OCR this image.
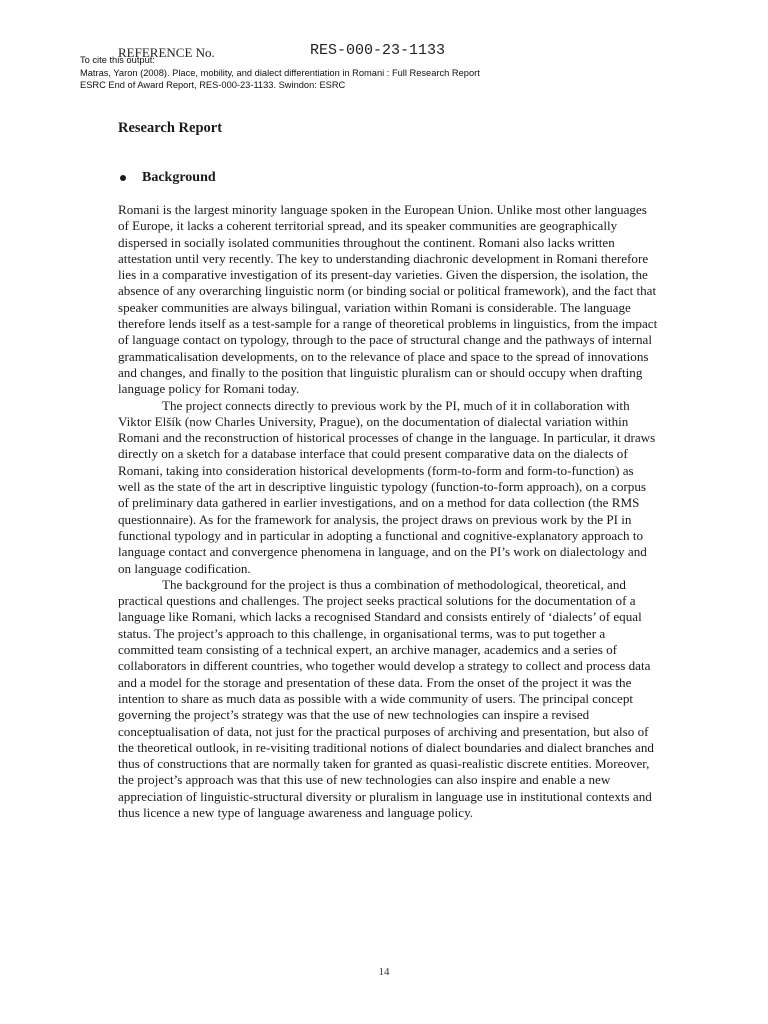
REFERENCE No.	RES-000-23-1133
To cite this output:
Matras, Yaron (2008). Place, mobility, and dialect differentiation in Romani : Full Research Report
ESRC End of Award Report, RES-000-23-1133. Swindon: ESRC
Research Report
Background

Romani is the largest minority language spoken in the European Union. Unlike most other languages of Europe, it lacks a coherent territorial spread, and its speaker communities are geographically dispersed in socially isolated communities throughout the continent. Romani also lacks written attestation until very recently. The key to understanding diachronic development in Romani therefore lies in a comparative investigation of its present-day varieties. Given the dispersion, the isolation, the absence of any overarching linguistic norm (or binding social or political framework), and the fact that speaker communities are always bilingual, variation within Romani is considerable. The language therefore lends itself as a test-sample for a range of theoretical problems in linguistics, from the impact of language contact on typology, through to the pace of structural change and the pathways of internal grammaticalisation developments, on to the relevance of place and space to the spread of innovations and changes, and finally to the position that linguistic pluralism can or should occupy when drafting language policy for Romani today.

The project connects directly to previous work by the PI, much of it in collaboration with Viktor Elšík (now Charles University, Prague), on the documentation of dialectal variation within Romani and the reconstruction of historical processes of change in the language. In particular, it draws directly on a sketch for a database interface that could present comparative data on the dialects of Romani, taking into consideration historical developments (form-to-form and form-to-function) as well as the state of the art in descriptive linguistic typology (function-to-form approach), on a corpus of preliminary data gathered in earlier investigations, and on a method for data collection (the RMS questionnaire). As for the framework for analysis, the project draws on previous work by the PI in functional typology and in particular in adopting a functional and cognitive-explanatory approach to language contact and convergence phenomena in language, and on the PI’s work on dialectology and on language codification.

The background for the project is thus a combination of methodological, theoretical, and practical questions and challenges. The project seeks practical solutions for the documentation of a language like Romani, which lacks a recognised Standard and consists entirely of ‘dialects’ of equal status. The project’s approach to this challenge, in organisational terms, was to put together a committed team consisting of a technical expert, an archive manager, academics and a series of collaborators in different countries, who together would develop a strategy to collect and process data and a model for the storage and presentation of these data. From the onset of the project it was the intention to share as much data as possible with a wide community of users. The principal concept governing the project’s strategy was that the use of new technologies can inspire a revised conceptualisation of data, not just for the practical purposes of archiving and presentation, but also of the theoretical outlook, in re-visiting traditional notions of dialect boundaries and dialect branches and thus of constructions that are normally taken for granted as quasi-realistic discrete entities. Moreover, the project’s approach was that this use of new technologies can also inspire and enable a new appreciation of linguistic-structural diversity or pluralism in language use in institutional contexts and thus licence a new type of language awareness and language policy.

14
